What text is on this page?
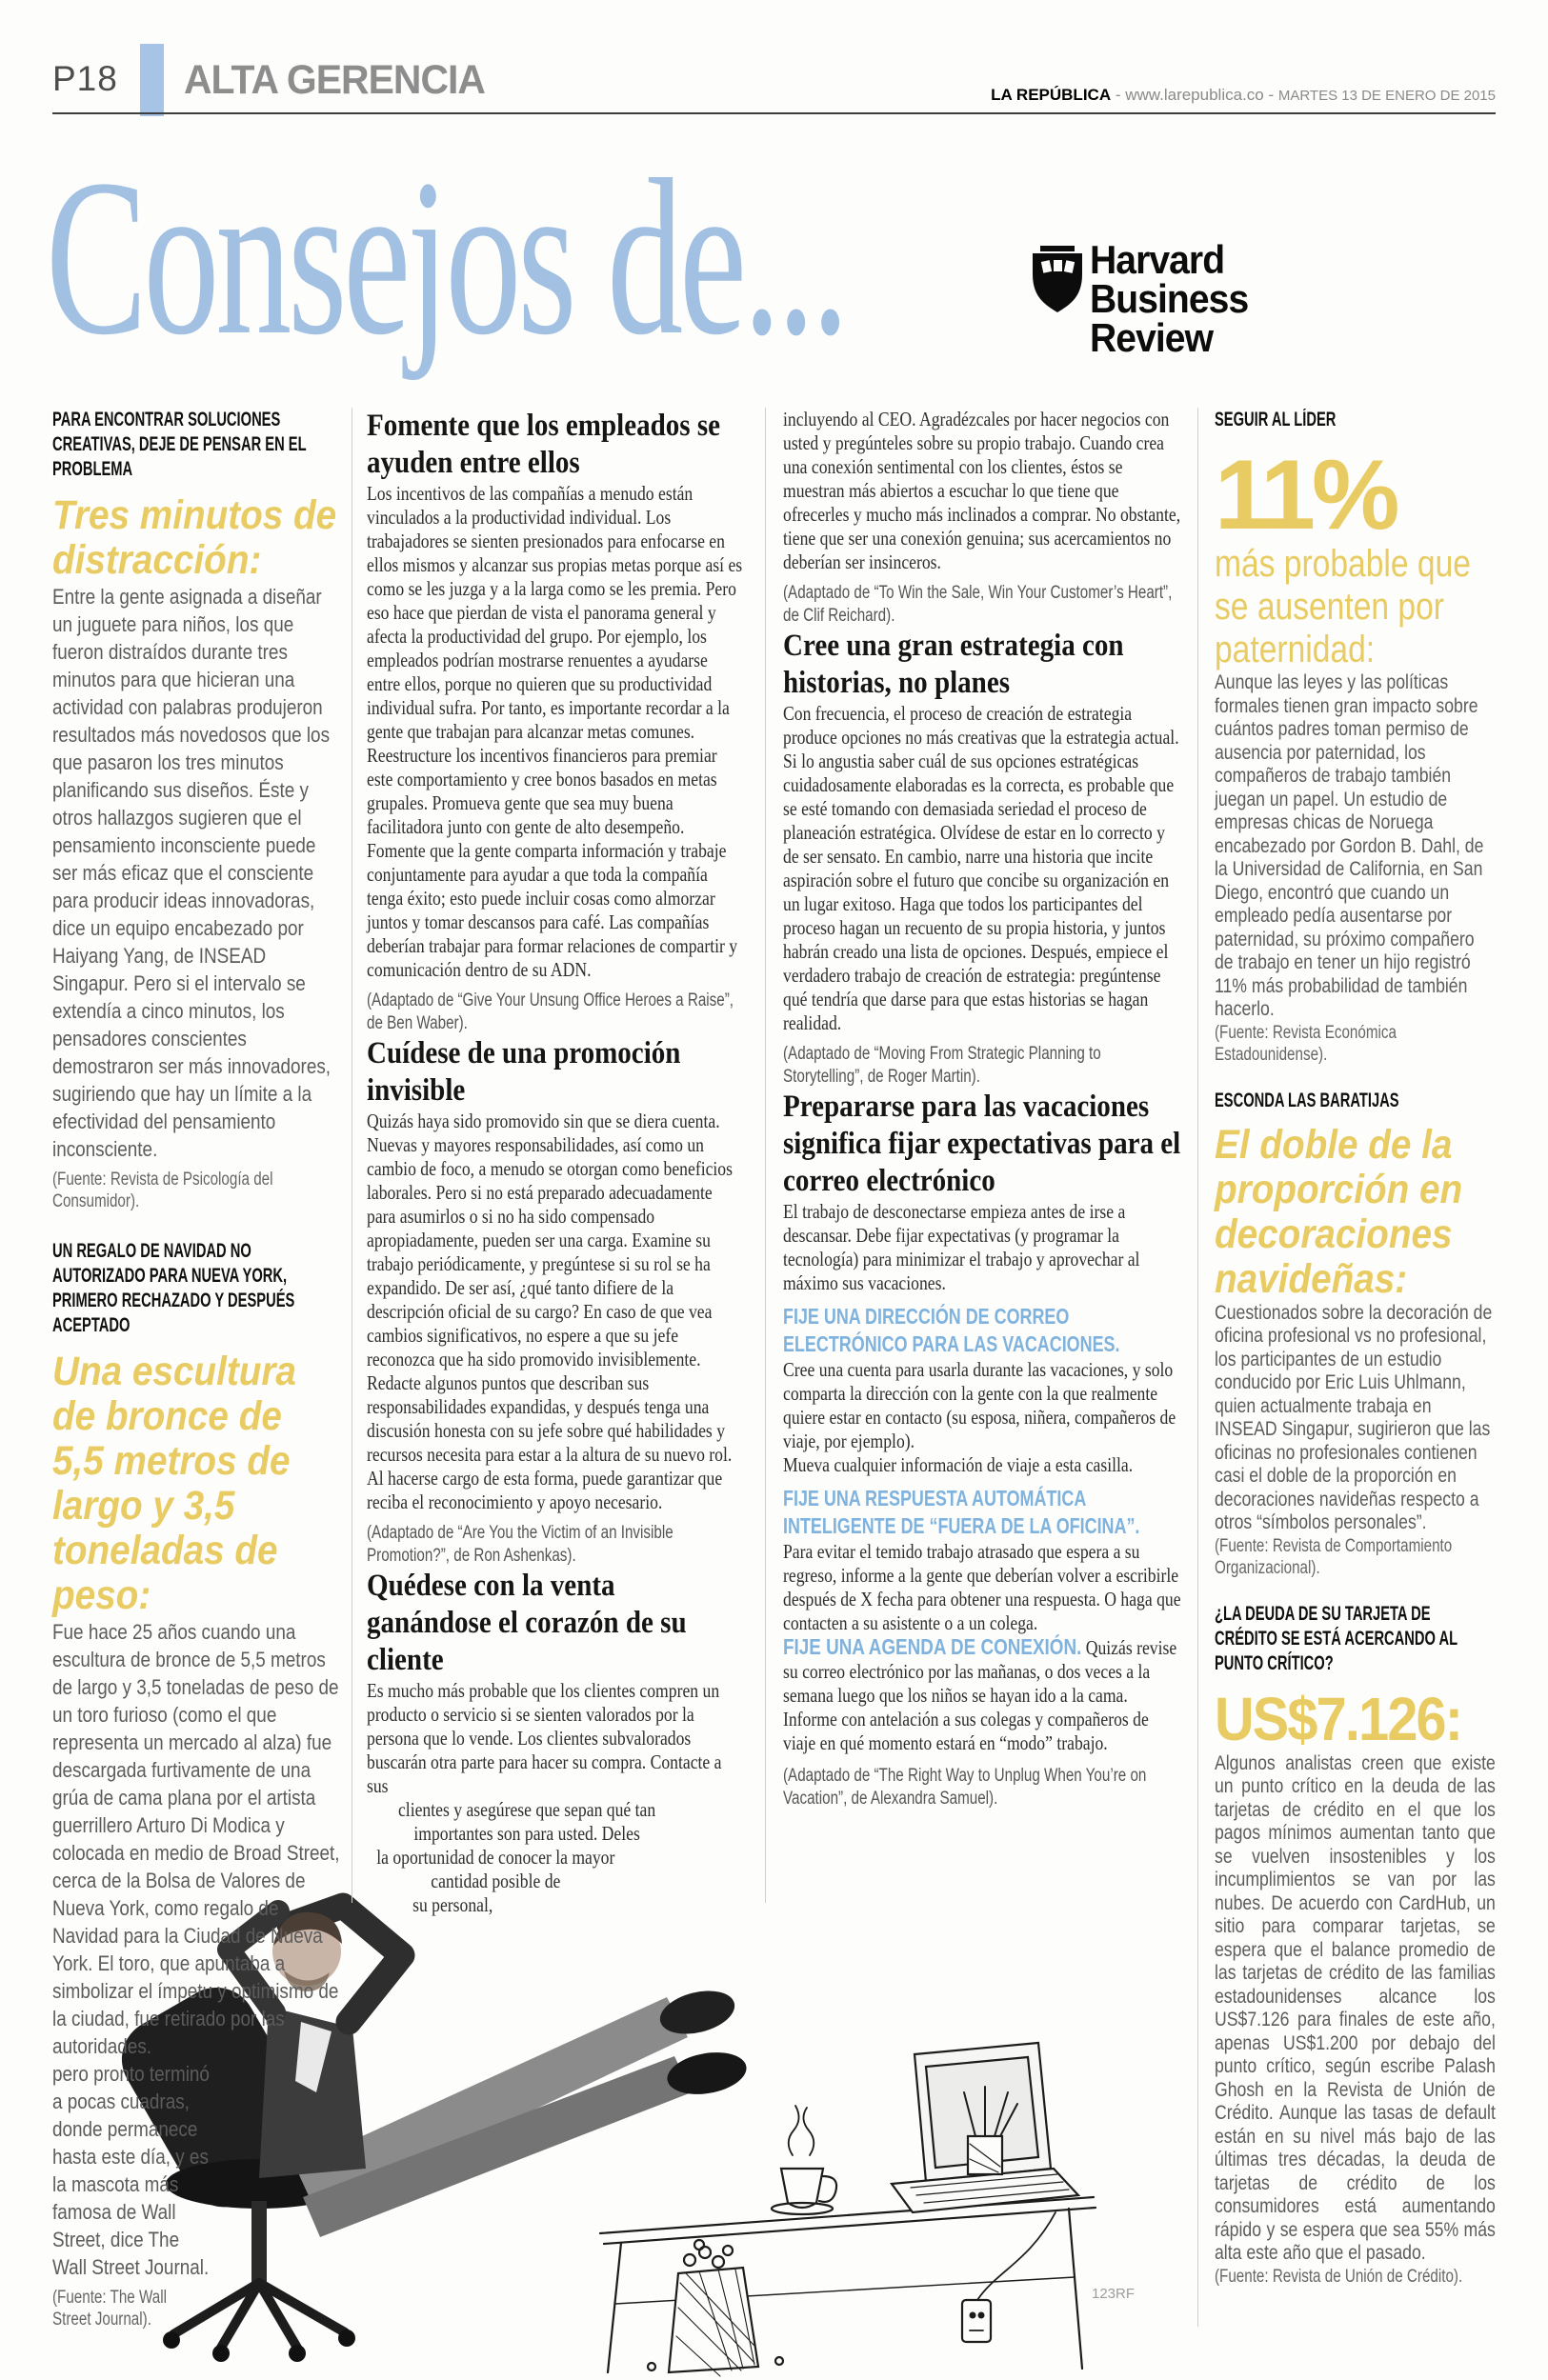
P18 ALTA GERENCIA	LA REPÚBLICA - www.larepublica.co - MARTES 13 DE ENERO DE 2015
Consejos de...	Harvard
Business
Review
PARA ENCONTRAR SOLUCIONES CREATIVAS, DEJE DE PENSAR EN EL PROBLEMA
Tres minutos de distracción:

Entre la gente asignada a diseñar un juguete para niños, los que fueron distraídos durante tres minutos para que hicieran una actividad con palabras produjeron resultados más novedosos que los que pasaron los tres minutos planificando sus diseños. Éste y otros hallazgos sugieren que el pensamiento inconsciente puede ser más eficaz que el consciente para producir ideas innovadoras, dice un equipo encabezado por Haiyang Yang, de INSEAD Singapur. Pero si el intervalo se extendía a cinco minutos, los pensadores conscientes demostraron ser más innovadores, sugiriendo que hay un límite a la efectividad del pensamiento inconsciente.

(Fuente: Revista de Psicología del Consumidor).
UN REGALO DE NAVIDAD NO AUTORIZADO PARA NUEVA YORK, PRIMERO RECHAZADO Y DESPUÉS ACEPTADO
Una escultura de bronce de 5,5 metros de largo y 3,5 toneladas de peso:

Fue hace 25 años cuando una escultura de bronce de 5,5 metros de largo y 3,5 toneladas de peso de un toro furioso (como el que representa un mercado al alza) fue descargada furtivamente de una grúa de cama plana por el artista guerrillero Arturo Di Modica y colocada en medio de Broad Street, cerca de la Bolsa de Valores de Nueva York, como regalo de Navidad para la Ciudad de Nueva York. El toro, que apuntaba a simbolizar el ímpetu y optimismo de la ciudad, fue retirado por las autoridades.

pero pronto terminó a pocas cuadras, donde permanece hasta este día, y es la mascota más famosa de Wall Street, dice The Wall Street Journal.

(Fuente: The Wall Street Journal).
Fomente que los empleados se ayuden entre ellos

Los incentivos de las compañías a menudo están vinculados a la productividad individual. Los trabajadores se sienten presionados para enfocarse en ellos mismos y alcanzar sus propias metas porque así es como se les juzga y a la larga como se les premia. Pero eso hace que pierdan de vista el panorama general y afecta la productividad del grupo. Por ejemplo, los empleados podrían mostrarse renuentes a ayudarse entre ellos, porque no quieren que su productividad individual sufra. Por tanto, es importante recordar a la gente que trabajan para alcanzar metas comunes. Reestructure los incentivos financieros para premiar este comportamiento y cree bonos basados en metas grupales. Promueva gente que sea muy buena facilitadora junto con gente de alto desempeño. Fomente que la gente comparta información y trabaje conjuntamente para ayudar a que toda la compañía tenga éxito; esto puede incluir cosas como almorzar juntos y tomar descansos para café. Las compañías deberían trabajar para formar relaciones de compartir y comunicación dentro de su ADN.

(Adaptado de “Give Your Unsung Office Heroes a Raise”, de Ben Waber).
Cuídese de una promoción invisible

Quizás haya sido promovido sin que se diera cuenta. Nuevas y mayores responsabilidades, así como un cambio de foco, a menudo se otorgan como beneficios laborales. Pero si no está preparado adecuadamente para asumirlos o si no ha sido compensado apropiadamente, pueden ser una carga. Examine su trabajo periódicamente, y pregúntese si su rol se ha expandido. De ser así, ¿qué tanto difiere de la descripción oficial de su cargo? En caso de que vea cambios significativos, no espere a que su jefe reconozca que ha sido promovido invisiblemente. Redacte algunos puntos que describan sus responsabilidades expandidas, y después tenga una discusión honesta con su jefe sobre qué habilidades y recursos necesita para estar a la altura de su nuevo rol. Al hacerse cargo de esta forma, puede garantizar que reciba el reconocimiento y apoyo necesario.

(Adaptado de “Are You the Victim of an Invisible Promotion?”, de Ron Ashenkas).
Quédese con la venta ganándose el corazón de su cliente

Es mucho más probable que los clientes compren un producto o servicio si se sienten valorados por la persona que lo vende. Los clientes subvalorados buscarán otra parte para hacer su compra. Contacte a sus

clientes y asegúrese que sepan qué tan importantes son para usted. Deles

la oportunidad de conocer la mayor cantidad posible de

su personal,

incluyendo al CEO. Agradézcales por hacer negocios con usted y pregúnteles sobre su propio trabajo. Cuando crea una conexión sentimental con los clientes, éstos se muestran más abiertos a escuchar lo que tiene que ofrecerles y mucho más inclinados a comprar. No obstante, tiene que ser una conexión genuina; sus acercamientos no deberían ser insinceros.

(Adaptado de “To Win the Sale, Win Your Customer’s Heart”, de Clif Reichard).
Cree una gran estrategia con historias, no planes

Con frecuencia, el proceso de creación de estrategia produce opciones no más creativas que la estrategia actual. Si lo angustia saber cuál de sus opciones estratégicas cuidadosamente elaboradas es la correcta, es probable que se esté tomando con demasiada seriedad el proceso de planeación estratégica. Olvídese de estar en lo correcto y de ser sensato. En cambio, narre una historia que incite aspiración sobre el futuro que concibe su organización en un lugar exitoso. Haga que todos los participantes del proceso hagan un recuento de su propia historia, y juntos habrán creado una lista de opciones. Después, empiece el verdadero trabajo de creación de estrategia: pregúntense qué tendría que darse para que estas historias se hagan realidad.

(Adaptado de “Moving From Strategic Planning to Storytelling”, de Roger Martin).
Prepararse para las vacaciones significa fijar expectativas para el correo electrónico

El trabajo de desconectarse empieza antes de irse a descansar. Debe fijar expectativas (y programar la tecnología) para minimizar el trabajo y aprovechar al máximo sus vacaciones.

FIJE UNA DIRECCIÓN DE CORREO ELECTRÓNICO PARA LAS VACACIONES.

Cree una cuenta para usarla durante las vacaciones, y solo comparta la dirección con la gente con la que realmente quiere estar en contacto (su esposa, niñera, compañeros de viaje, por ejemplo).

Mueva cualquier información de viaje a esta casilla.

FIJE UNA RESPUESTA AUTOMÁTICA INTELIGENTE DE “FUERA DE LA OFICINA”.

Para evitar el temido trabajo atrasado que espera a su regreso, informe a la gente que deberían volver a escribirle después de X fecha para obtener una respuesta. O haga que contacten a su asistente o a un colega.

FIJE UNA AGENDA DE CONEXIÓN. Quizás revise su correo electrónico por las mañanas, o dos veces a la semana luego que los niños se hayan ido a la cama. Informe con antelación a sus colegas y compañeros de viaje en qué momento estará en “modo” trabajo.

(Adaptado de “The Right Way to Unplug When You’re on Vacation”, de Alexandra Samuel).
SEGUIR AL LÍDER
11%
más probable que se ausenten por paternidad:

Aunque las leyes y las políticas formales tienen gran impacto sobre cuántos padres toman permiso de ausencia por paternidad, los compañeros de trabajo también juegan un papel. Un estudio de empresas chicas de Noruega encabezado por Gordon B. Dahl, de la Universidad de California, en San Diego, encontró que cuando un empleado pedía ausentarse por paternidad, su próximo compañero de trabajo en tener un hijo registró 11% más probabilidad de también hacerlo.

(Fuente: Revista Económica Estadounidense).
ESCONDA LAS BARATIJAS
El doble de la proporción en decoraciones navideñas:

Cuestionados sobre la decoración de oficina profesional vs no profesional, los participantes de un estudio conducido por Eric Luis Uhlmann, quien actualmente trabaja en INSEAD Singapur, sugirieron que las oficinas no profesionales contienen casi el doble de la proporción en decoraciones navideñas respecto a otros “símbolos personales”.

(Fuente: Revista de Comportamiento Organizacional).
¿LA DEUDA DE SU TARJETA DE CRÉDITO SE ESTÁ ACERCANDO AL PUNTO CRÍTICO?
US$7.126:

Algunos analistas creen que existe un punto crítico en la deuda de las tarjetas de crédito en el que los pagos mínimos aumentan tanto que se vuelven insostenibles y los incumplimientos se van por las nubes. De acuerdo con CardHub, un sitio para comparar tarjetas, se espera que el balance promedio de las tarjetas de crédito de las familias estadounidenses alcance los US$7.126 para finales de este año, apenas US$1.200 por debajo del punto crítico, según escribe Palash Ghosh en la Revista de Unión de Crédito. Aunque las tasas de default están en su nivel más bajo de las últimas tres décadas, la deuda de tarjetas de crédito de los consumidores está aumentando rápido y se espera que sea 55% más alta este año que el pasado.

(Fuente: Revista de Unión de Crédito).
123RF
